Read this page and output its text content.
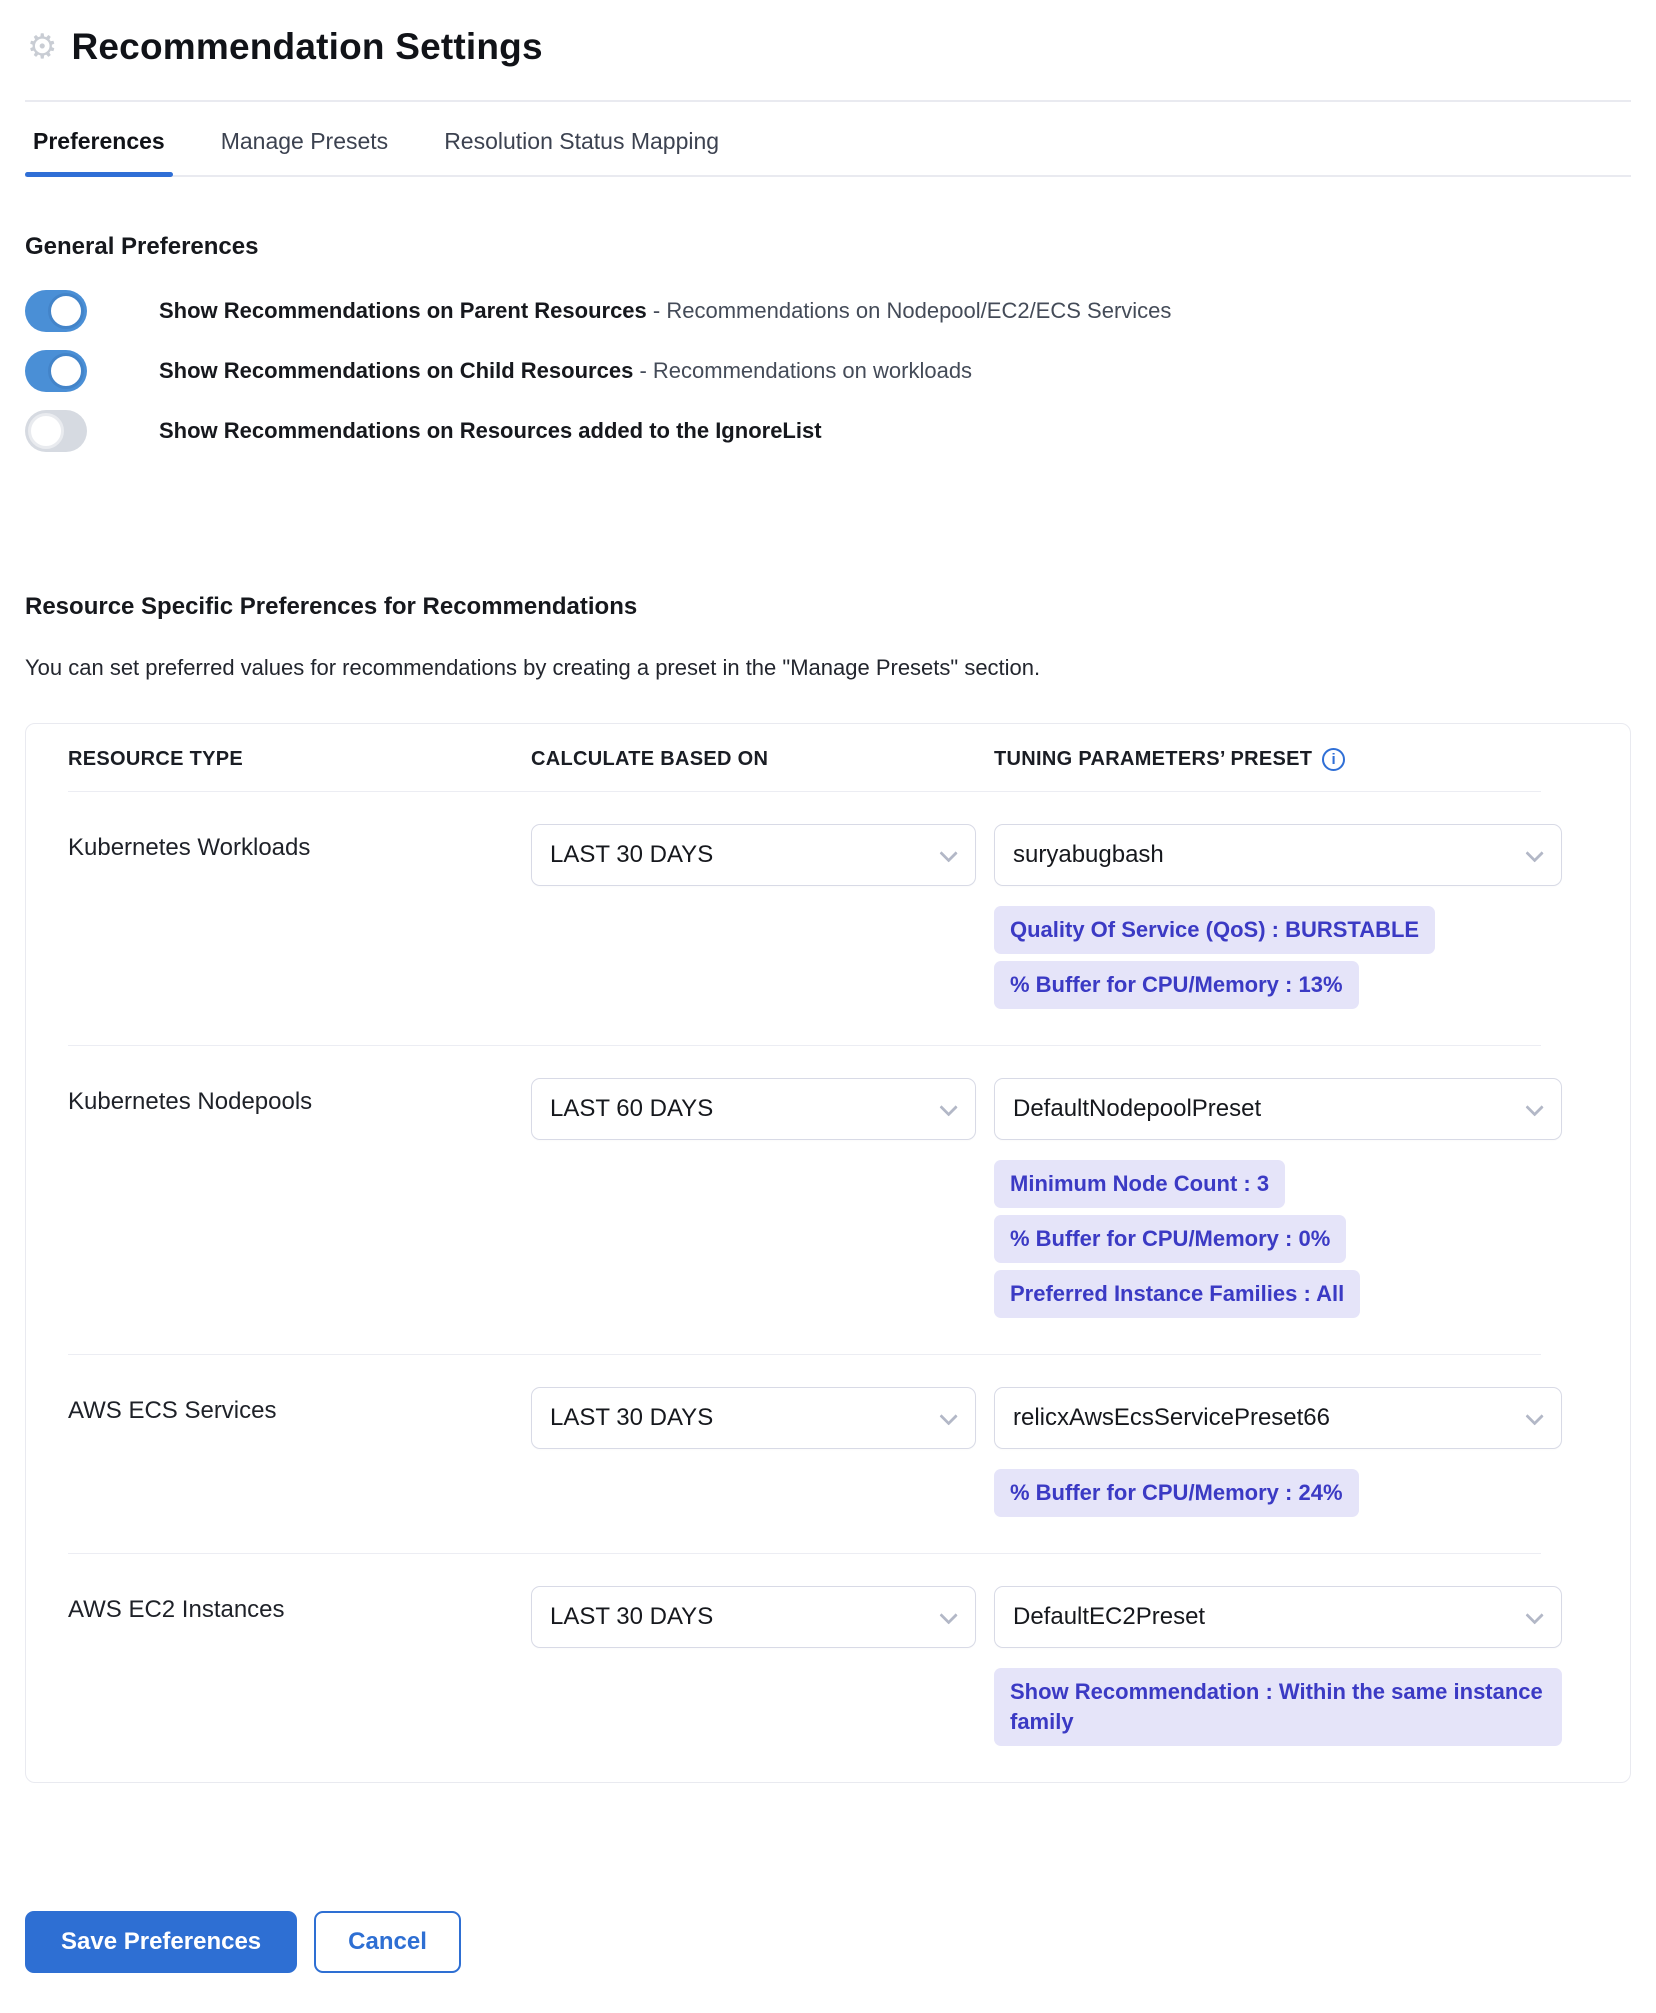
⚙ Recommendation Settings
Preferences	Manage Presets	Resolution Status Mapping
General Preferences
Show Recommendations on Parent Resources - Recommendations on Nodepool/EC2/ECS Services
Show Recommendations on Child Resources - Recommendations on workloads
Show Recommendations on Resources added to the IgnoreList
Resource Specific Preferences for Recommendations

You can set preferred values for recommendations by creating a preset in the "Manage Presets" section.

RESOURCE TYPE	CALCULATE BASED ON	TUNING PARAMETERS’ PRESET	i
Kubernetes Workloads	LAST 30 DAYS	suryabugbash
Quality Of Service (QoS) : BURSTABLE
% Buffer for CPU/Memory : 13%
Kubernetes Nodepools	LAST 60 DAYS	DefaultNodepoolPreset
Minimum Node Count : 3
% Buffer for CPU/Memory : 0%
Preferred Instance Families : All
AWS ECS Services	LAST 30 DAYS	relicxAwsEcsServicePreset66
% Buffer for CPU/Memory : 24%
AWS EC2 Instances	LAST 30 DAYS	DefaultEC2Preset
Show Recommendation : Within the same instance family
Save Preferences	Cancel
